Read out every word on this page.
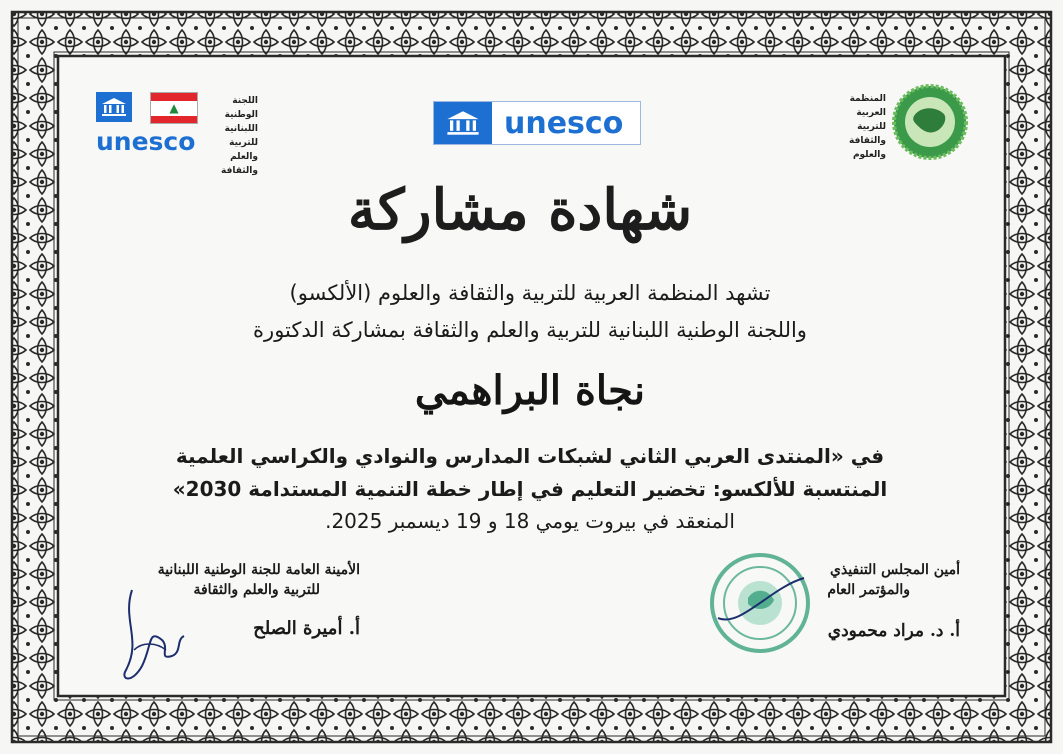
▲
unesco
اللجنة الوطنية
اللبنانية
للتربية
والعلم والثقافة
unesco
المنظمة
العربية
للتربية
والثقافة
والعلوم
شهادة مشاركة
تشهد المنظمة العربية للتربية والثقافة والعلوم (الألكسو)
واللجنة الوطنية اللبنانية للتربية والعلم والثقافة بمشاركة الدكتورة
نجاة البراهمي
في «المنتدى العربي الثاني لشبكات المدارس والنوادي والكراسي العلمية
المنتسبة للألكسو: تخضير التعليم في إطار خطة التنمية المستدامة 2030»
المنعقد في بيروت يومي 18 و 19 ديسمبر 2025.
الأمينة العامة للجنة الوطنية اللبنانية
للتربية والعلم والثقافة
أ. أميرة الصلح
أمين المجلس التنفيذي
والمؤتمر العام
أ. د. مراد محمودي
